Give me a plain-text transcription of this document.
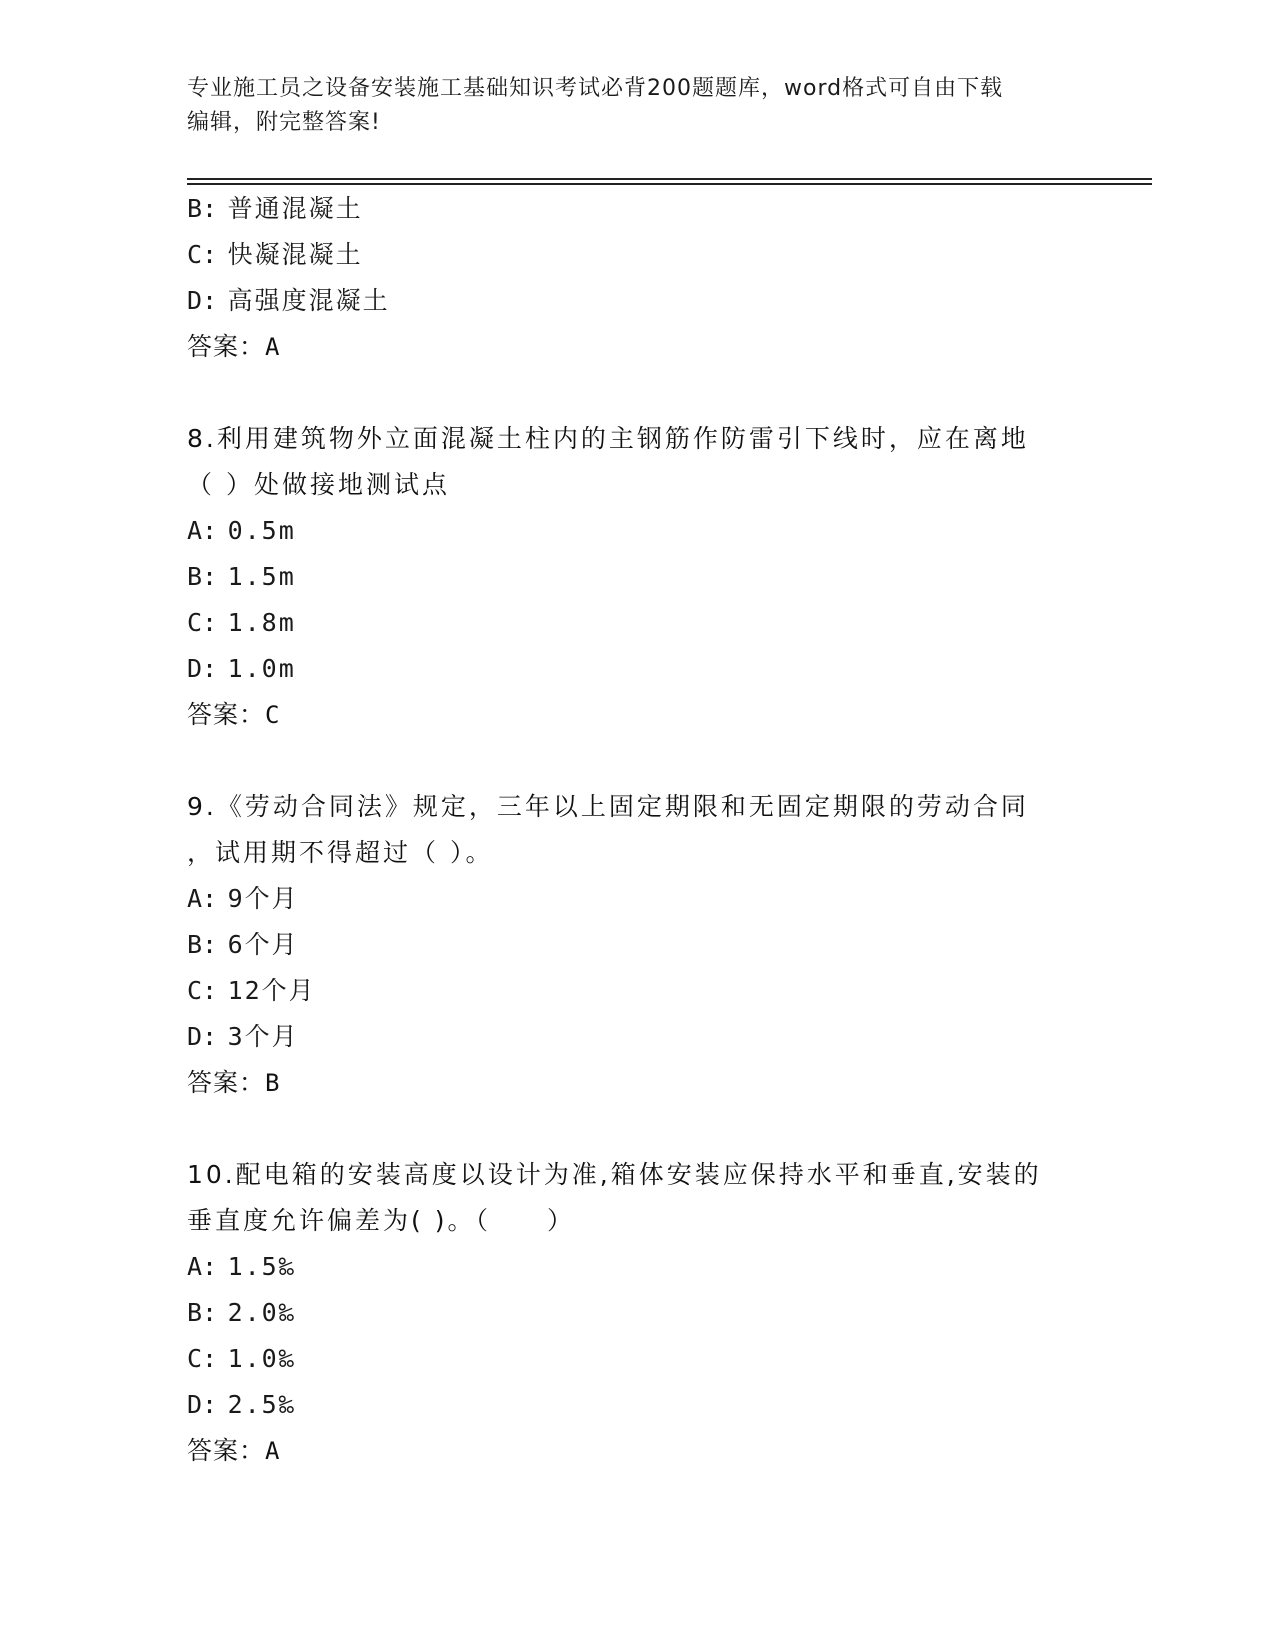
专业施工员之设备安装施工基础知识考试必背200题题库，word格式可自由下载
编辑，附完整答案!
B: 普通混凝土
C: 快凝混凝土
D: 高强度混凝土
答案：A
8.利用建筑物外立面混凝土柱内的主钢筋作防雷引下线时，应在离地
（ ）处做接地测试点
A: 0.5m
B: 1.5m
C: 1.8m
D: 1.0m
答案：C
9.《劳动合同法》规定，三年以上固定期限和无固定期限的劳动合同
，试用期不得超过（ ）。
A: 9个月
B: 6个月
C: 12个月
D: 3个月
答案：B
10.配电箱的安装高度以设计为准,箱体安装应保持水平和垂直,安装的
垂直度允许偏差为( )。（　　）
A: 1.5‰
B: 2.0‰
C: 1.0‰
D: 2.5‰
答案：A
